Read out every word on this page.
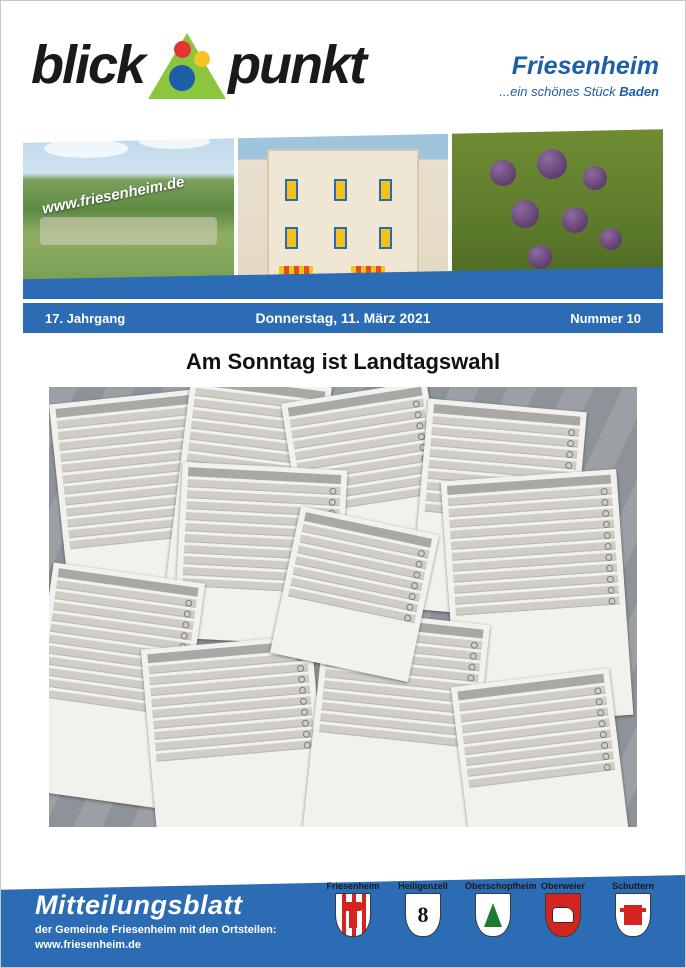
blick punkt	Friesenheim
...ein schönes Stück Baden
www.friesenheim.de
17. Jahrgang	Donnerstag, 11. März 2021	Nummer 10
Am Sonntag ist Landtagswahl
Mitteilungsblatt
der Gemeinde Friesenheim mit den Ortsteilen:
www.friesenheim.de
Friesenheim	Heiligenzell
8
Oberschopfheim Oberweier	Schuttern
